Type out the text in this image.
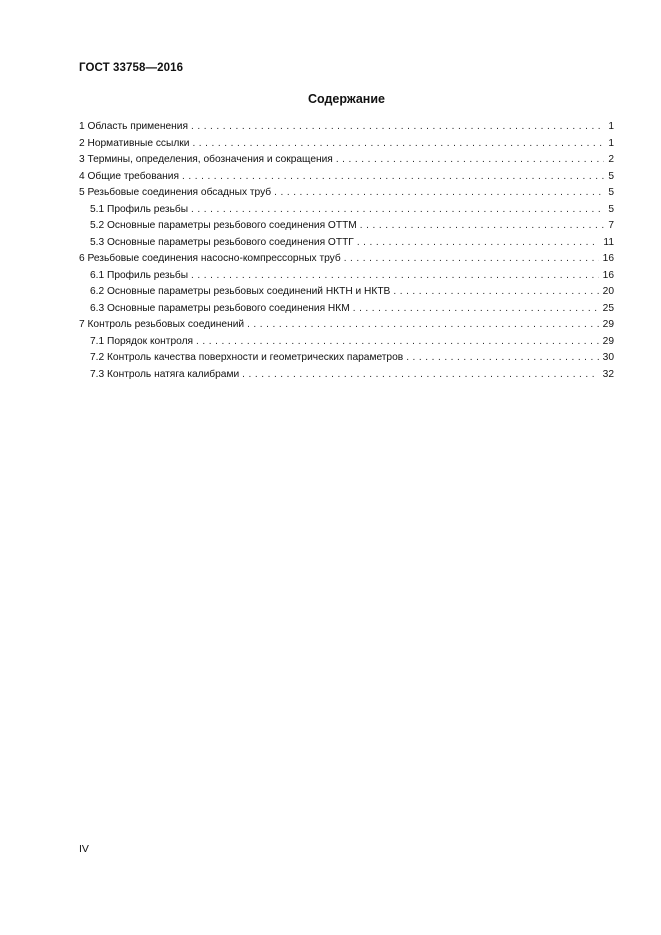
ГОСТ 33758—2016
Содержание
1 Область применения . . .	1
2 Нормативные ссылки . . .	1
3 Термины, определения, обозначения и сокращения . . .	2
4 Общие требования . . .	5
5 Резьбовые соединения обсадных труб . . .	5
5.1 Профиль резьбы . . .	5
5.2 Основные параметры резьбового соединения ОТТМ . . .	7
5.3 Основные параметры резьбового соединения ОТТГ . . .	11
6 Резьбовые соединения насосно-компрессорных труб . . .	16
6.1 Профиль резьбы . . .	16
6.2 Основные параметры резьбовых соединений НКТН и НКТВ . . .	20
6.3 Основные параметры резьбового соединения НКМ . . .	25
7 Контроль резьбовых соединений . . .	29
7.1 Порядок контроля . . .	29
7.2 Контроль качества поверхности и геометрических параметров . . .	30
7.3 Контроль натяга калибрами . . .	32
IV
